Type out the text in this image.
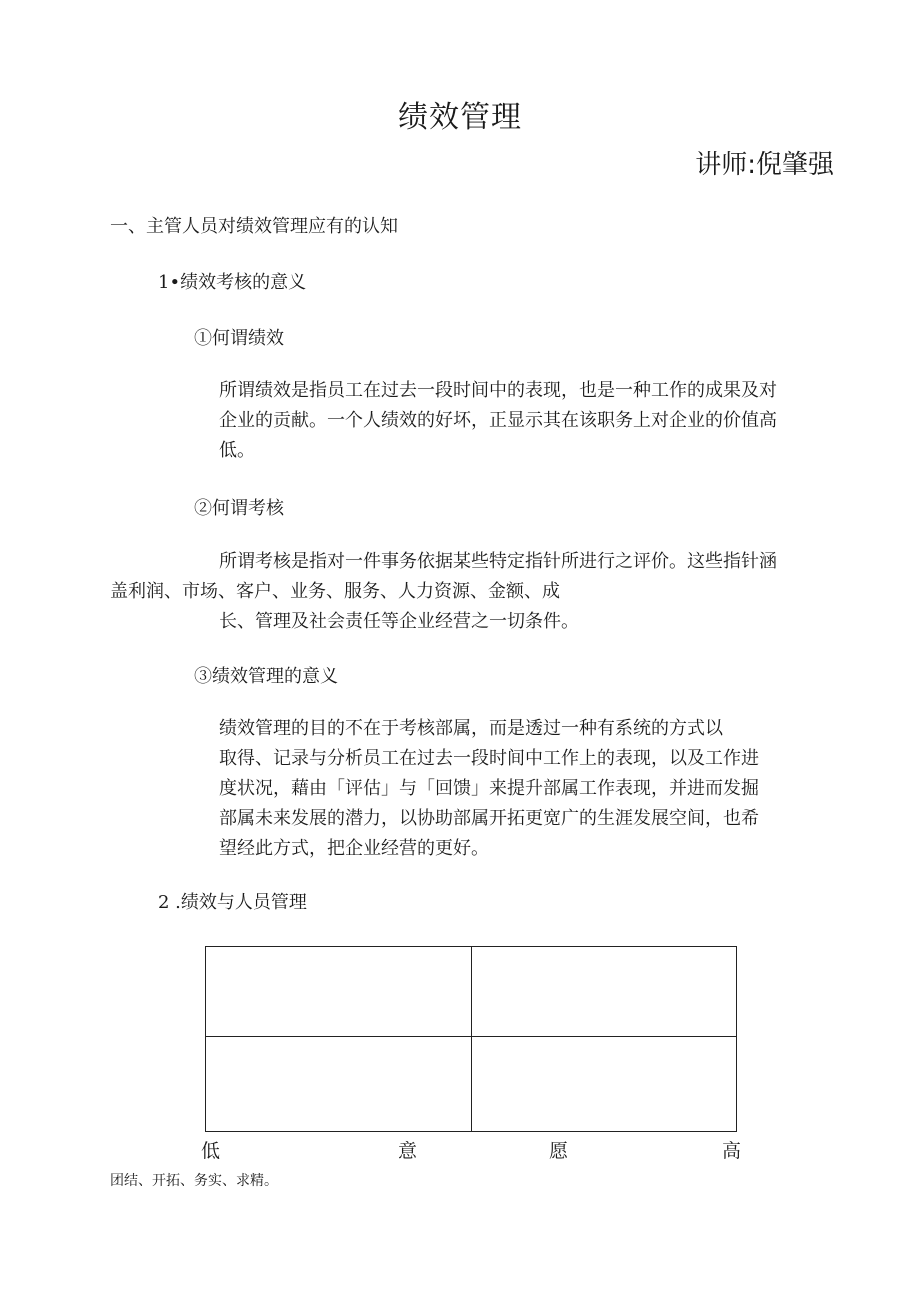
绩效管理
讲师:倪肇强
一、主管人员对绩效管理应有的认知
1•绩效考核的意义
①何谓绩效
所谓绩效是指员工在过去一段时间中的表现，也是一种工作的成果及对
企业的贡献。一个人绩效的好坏，正显示其在该职务上对企业的价值高
低。
②何谓考核
所谓考核是指对一件事务依据某些特定指针所进行之评价。这些指针涵
盖利润、市场、客户、业务、服务、人力资源、金额、成
长、管理及社会责任等企业经营之一切条件。
③绩效管理的意义
绩效管理的目的不在于考核部属，而是透过一种有系统的方式以
取得、记录与分析员工在过去一段时间中工作上的表现，以及工作进
度状况，藉由「评估」与「回馈」来提升部属工作表现，并进而发掘
部属未来发展的潜力，以协助部属开拓更宽广的生涯发展空间，也希
望经此方式，把企业经营的更好。
2 .绩效与人员管理
低	意	愿	高
团结、开拓、务实、求精。
